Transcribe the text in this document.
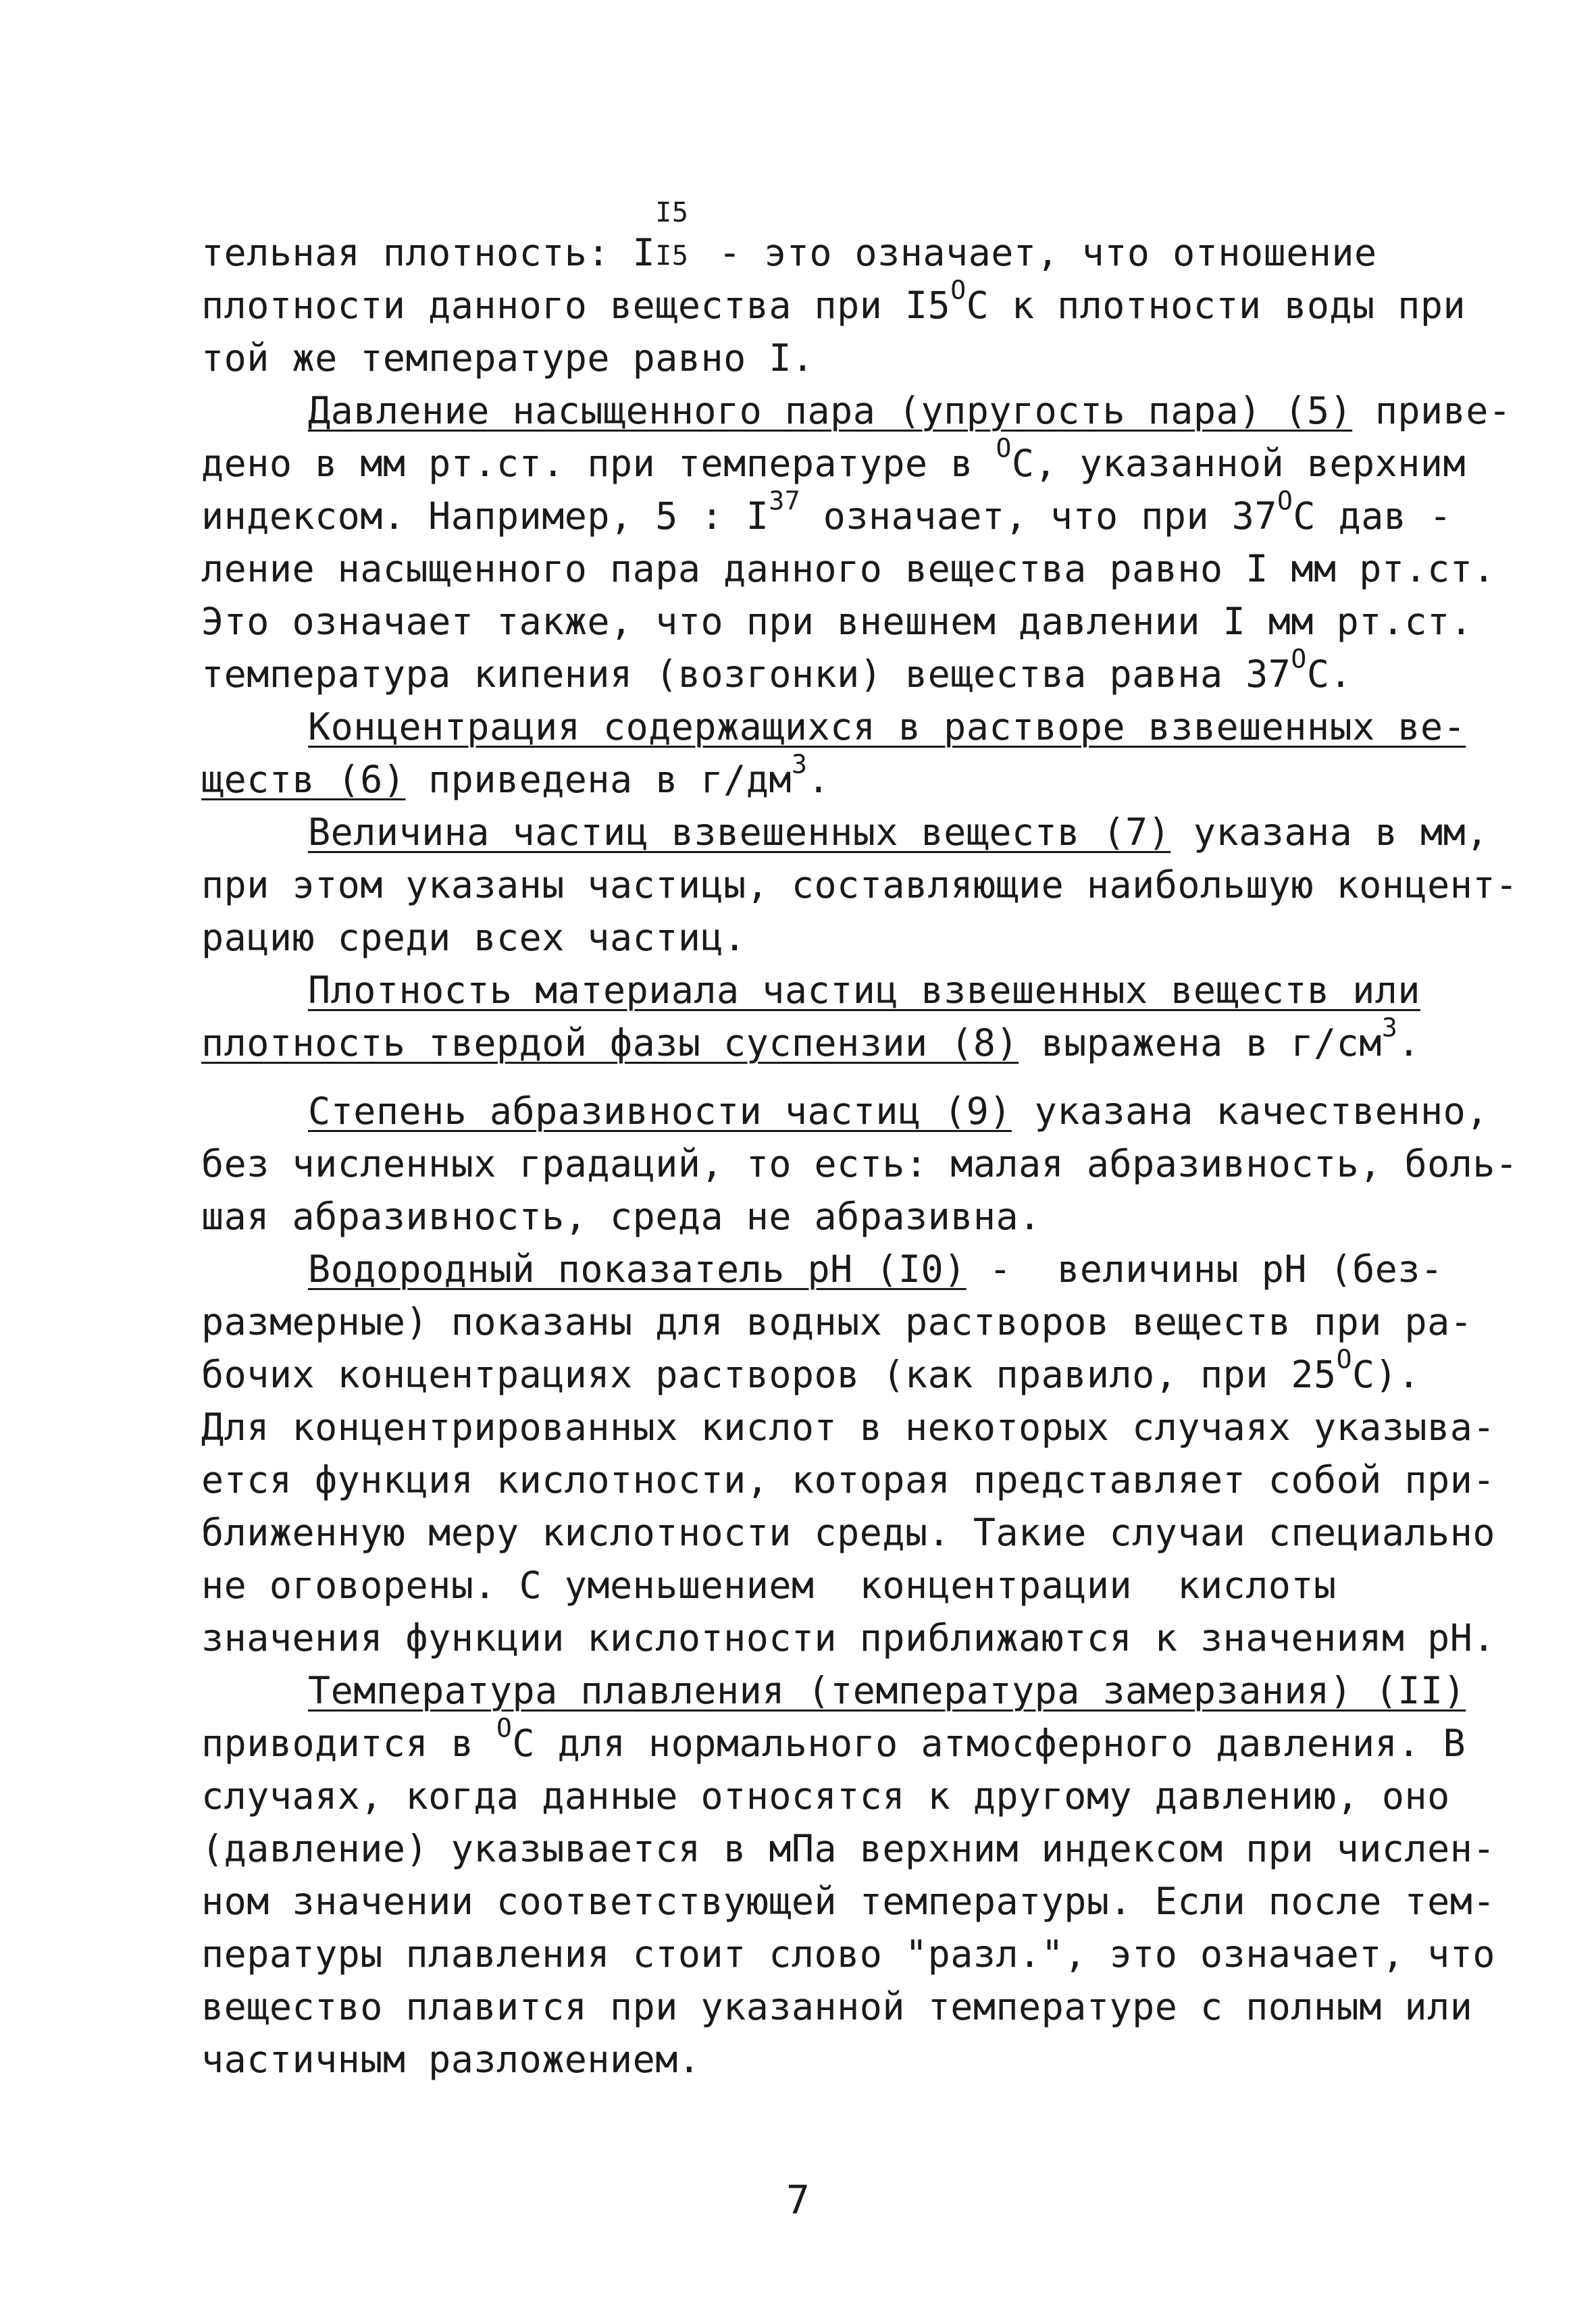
тельная плотность: I
I5
I5 - это означает, что отношение
плотности данного вещества при $I5^OС$ к плотности воды при
той же температуре равно I.
Давление насыщенного пара (упругость пара) (5) приве-
дено в мм рт.ст. при температуре в $^O$С, указанной верхним
индексом. Например, 5 : $I^{37}$ означает, что при $37^OС$ дав -
ление насыщенного пара данного вещества равно I мм рт.ст.
Это означает также, что при внешнем давлении I мм рт.ст.
температура кипения (возгонки) вещества равна $37^OС$.
Концентрация содержащихся в растворе взвешенных ве-
ществ (6) приведена в $г/дм^3$.
Величина частиц взвешенных веществ (7) указана в мм,
при этом указаны частицы, составляющие наибольшую концент-
рацию среди всех частиц.
Плотность материала частиц взвешенных веществ или
плотность твердой фазы суспензии (8) выражена в $г/см^3$.
Степень абразивности частиц (9) указана качественно,
без численных градаций, то есть: малая абразивность, боль-
шая абразивность, среда не абразивна.
Водородный показатель рН (I0) -  величины рН (без-
размерные) показаны для водных растворов веществ при ра-
бочих концентрациях растворов (как правило, при $25^OС$).
Для концентрированных кислот в некоторых случаях указыва-
ется функция кислотности, которая представляет собой при-
ближенную меру кислотности среды. Такие случаи специально
не оговорены. С уменьшением  концентрации  кислоты
значения функции кислотности приближаются к значениям рН.
Температура плавления (температура замерзания) (II)
приводится в $^O$С для нормального атмосферного давления. В
случаях, когда данные относятся к другому давлению, оно
(давление) указывается в мПа верхним индексом при числен-
ном значении соответствующей температуры. Если после тем-
пературы плавления стоит слово "разл.", это означает, что
вещество плавится при указанной температуре с полным или
частичным разложением.
7
